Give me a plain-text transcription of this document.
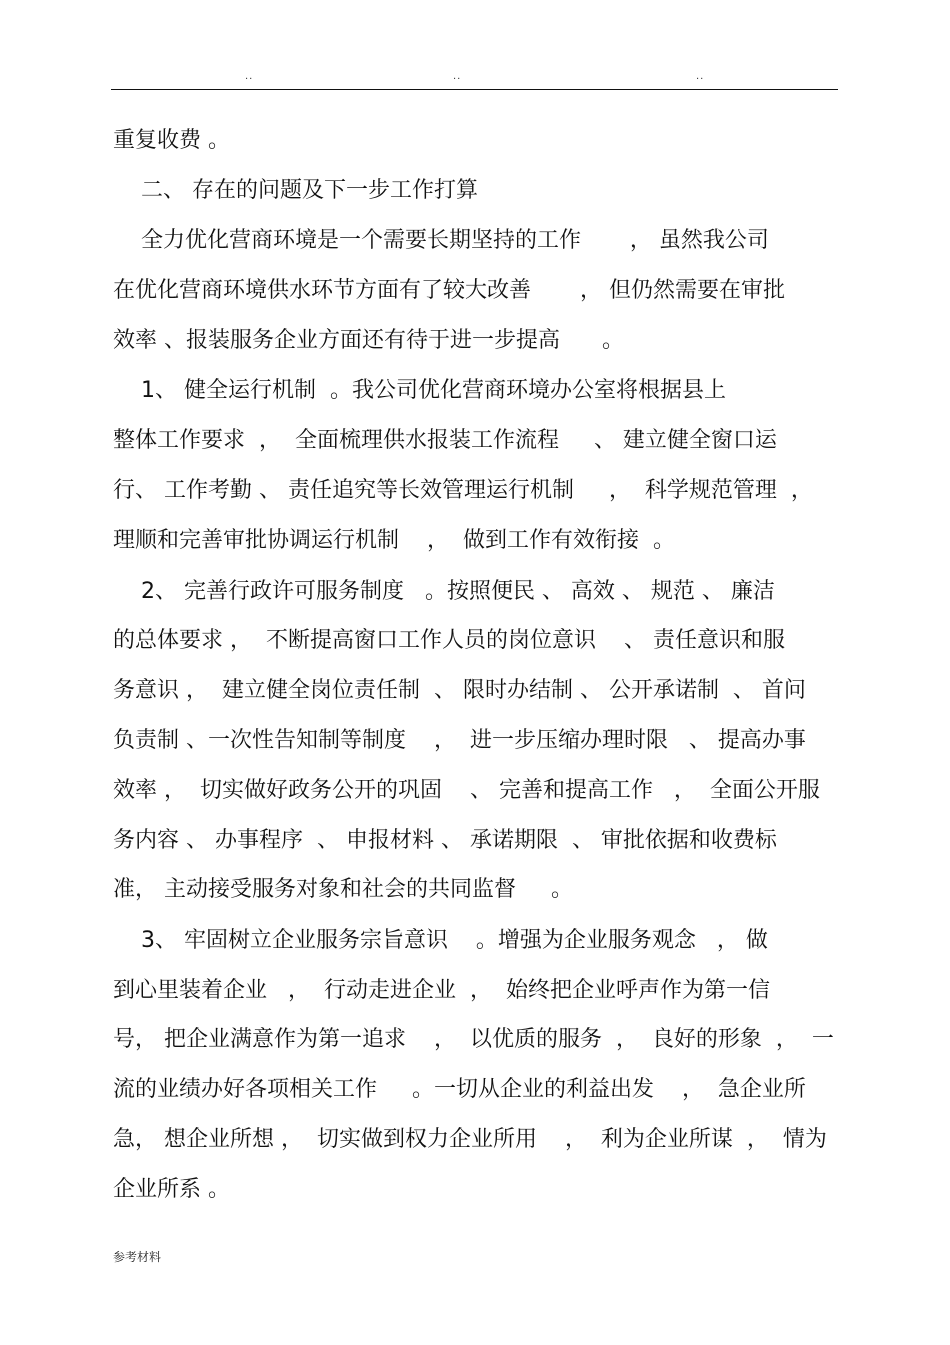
..	..	..
重复收费 。
二、 存在的问题及下一步工作打算
全力优化营商环境是一个需要长期坚持的工作       ， 虽然我公司
在优化营商环境供水环节方面有了较大改善       ， 但仍然需要在审批
效率 、报装服务企业方面还有待于进一步提高      。
1、 健全运行机制  。我公司优化营商环境办公室将根据县上
整体工作要求  ，  全面梳理供水报装工作流程     、 建立健全窗口运
行、 工作考勤 、 责任追究等长效管理运行机制     ，  科学规范管理  ，
理顺和完善审批协调运行机制    ，  做到工作有效衔接  。
2、 完善行政许可服务制度   。按照便民 、 高效 、 规范 、 廉洁
的总体要求 ，  不断提高窗口工作人员的岗位意识    、 责任意识和服
务意识 ，  建立健全岗位责任制  、 限时办结制 、 公开承诺制  、 首问
负责制 、一次性告知制等制度    ，  进一步压缩办理时限   、 提高办事
效率 ，  切实做好政务公开的巩固    、 完善和提高工作   ，  全面公开服
务内容 、 办事程序  、 申报材料 、 承诺期限  、 审批依据和收费标
准， 主动接受服务对象和社会的共同监督     。
3、 牢固树立企业服务宗旨意识    。增强为企业服务观念   ， 做
到心里装着企业   ，  行动走进企业  ，  始终把企业呼声作为第一信
号， 把企业满意作为第一追求    ，  以优质的服务  ，  良好的形象  ，  一
流的业绩办好各项相关工作     。一切从企业的利益出发    ，  急企业所
急， 想企业所想 ，  切实做到权力企业所用    ，  利为企业所谋  ，  情为
企业所系 。
参考材料
